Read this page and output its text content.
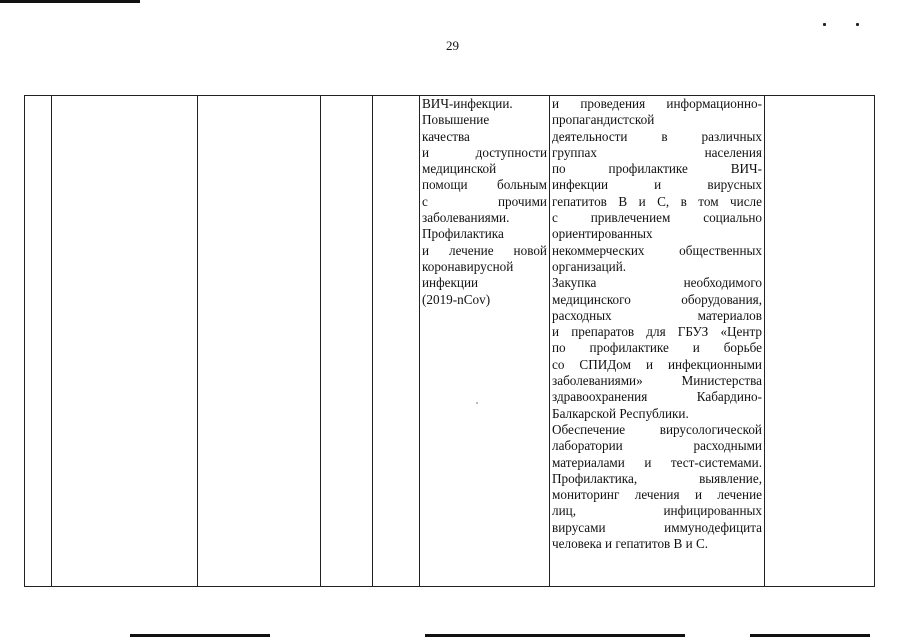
29

ВИЧ-инфекции.
Повышение
качества
и доступности
медицинской
помощи больным
с прочими
заболеваниями.
Профилактика
и лечение новой
коронавирусной
инфекции
(2019-nCov)

и проведения информационно-
пропагандистской
деятельности в различных
группах населения
по профилактике ВИЧ-
инфекции и вирусных
гепатитов В и С, в том числе
с привлечением социально
ориентированных
некоммерческих общественных
организаций.
Закупка необходимого
медицинского оборудования,
расходных материалов
и препаратов для ГБУЗ «Центр
по профилактике и борьбе
со СПИДом и инфекционными
заболеваниями» Министерства
здравоохранения Кабардино-
Балкарской Республики.
Обеспечение вирусологической
лаборатории расходными
материалами и тест-системами.
Профилактика, выявление,
мониторинг лечения и лечение
лиц, инфицированных
вирусами иммунодефицита
человека и гепатитов В и С.
